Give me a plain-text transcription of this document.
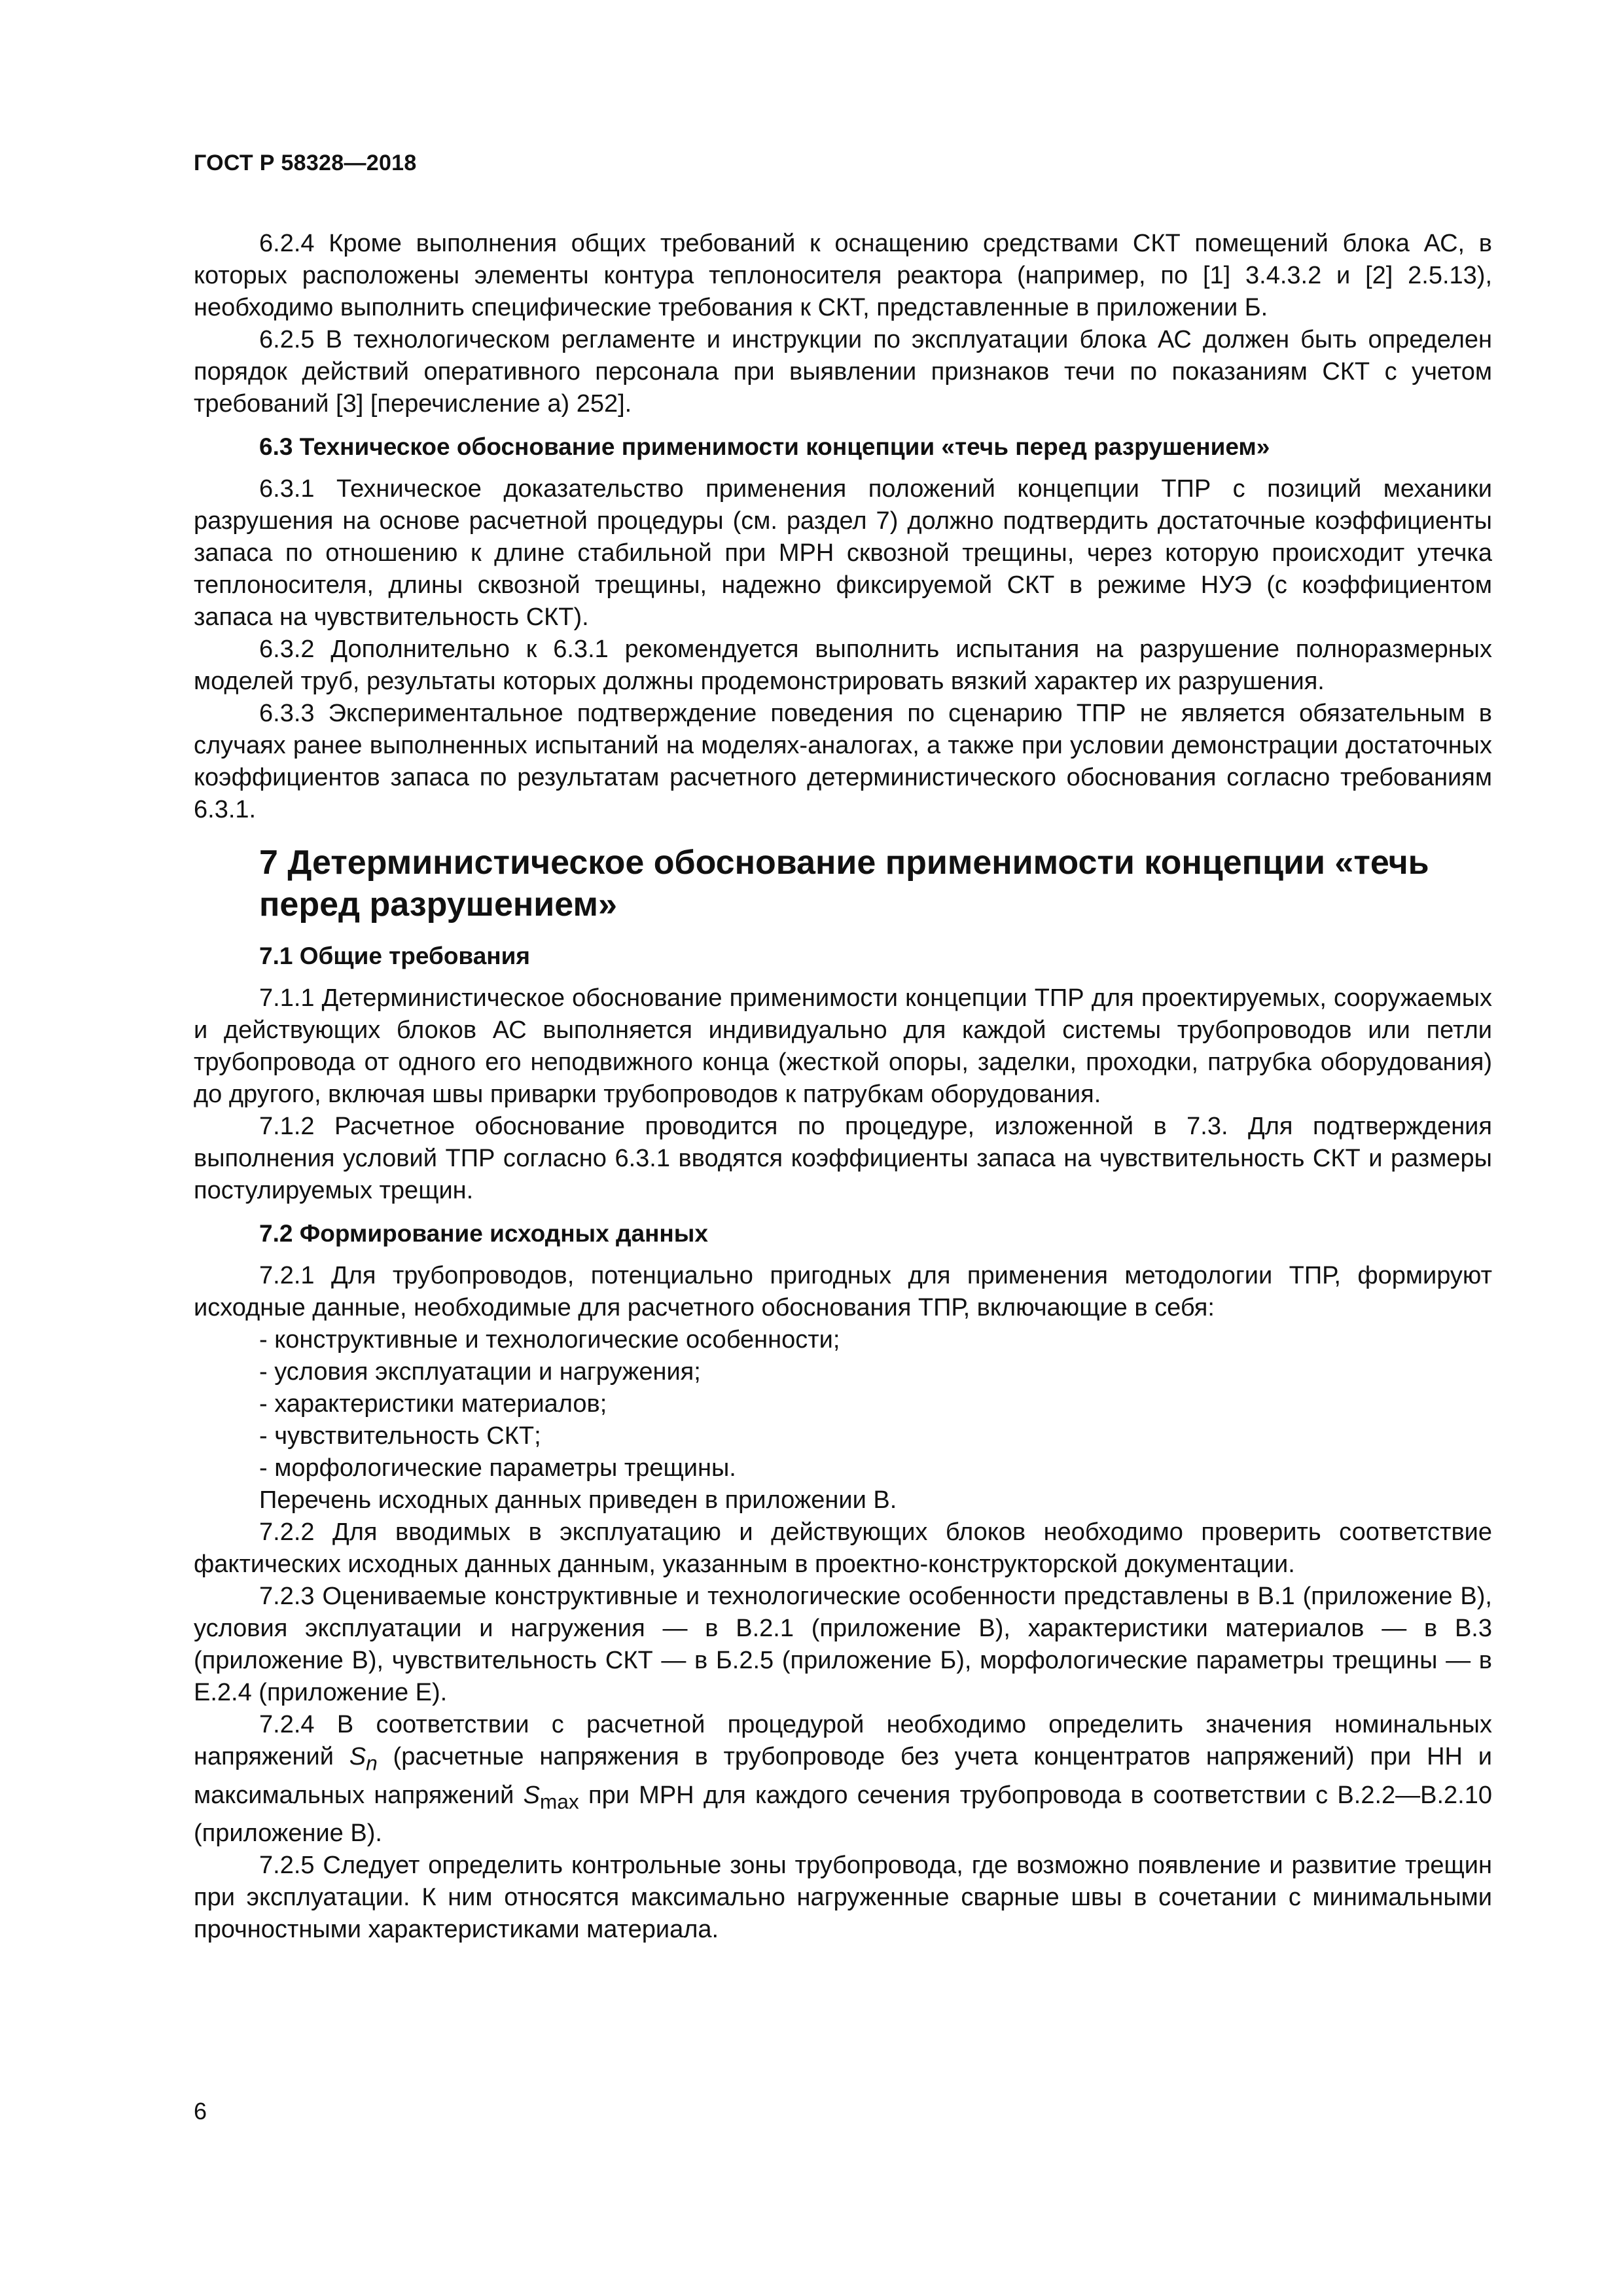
ГОСТ Р 58328—2018

6.2.4 Кроме выполнения общих требований к оснащению средствами СКТ помещений блока АС, в которых расположены элементы контура теплоносителя реактора (например, по [1] 3.4.3.2 и [2] 2.5.13), необходимо выполнить специфические требования к СКТ, представленные в приложении Б.

6.2.5 В технологическом регламенте и инструкции по эксплуатации блока АС должен быть определен порядок действий оперативного персонала при выявлении признаков течи по показаниям СКТ с учетом требований [3] [перечисление а) 252].

6.3 Техническое обоснование применимости концепции «течь перед разрушением»

6.3.1 Техническое доказательство применения положений концепции ТПР с позиций механики разрушения на основе расчетной процедуры (см. раздел 7) должно подтвердить достаточные коэффициенты запаса по отношению к длине стабильной при МРН сквозной трещины, через которую происходит утечка теплоносителя, длины сквозной трещины, надежно фиксируемой СКТ в режиме НУЭ (с коэффициентом запаса на чувствительность СКТ).

6.3.2 Дополнительно к 6.3.1 рекомендуется выполнить испытания на разрушение полноразмерных моделей труб, результаты которых должны продемонстрировать вязкий характер их разрушения.

6.3.3 Экспериментальное подтверждение поведения по сценарию ТПР не является обязательным в случаях ранее выполненных испытаний на моделях-аналогах, а также при условии демонстрации достаточных коэффициентов запаса по результатам расчетного детерминистического обоснования согласно требованиям 6.3.1.

7 Детерминистическое обоснование применимости концепции «течь перед разрушением»
7.1 Общие требования

7.1.1 Детерминистическое обоснование применимости концепции ТПР для проектируемых, сооружаемых и действующих блоков АС выполняется индивидуально для каждой системы трубопроводов или петли трубопровода от одного его неподвижного конца (жесткой опоры, заделки, проходки, патрубка оборудования) до другого, включая швы приварки трубопроводов к патрубкам оборудования.

7.1.2 Расчетное обоснование проводится по процедуре, изложенной в 7.3. Для подтверждения выполнения условий ТПР согласно 6.3.1 вводятся коэффициенты запаса на чувствительность СКТ и размеры постулируемых трещин.

7.2 Формирование исходных данных

7.2.1 Для трубопроводов, потенциально пригодных для применения методологии ТПР, формируют исходные данные, необходимые для расчетного обоснования ТПР, включающие в себя:

- конструктивные и технологические особенности;

- условия эксплуатации и нагружения;

- характеристики материалов;

- чувствительность СКТ;

- морфологические параметры трещины.

Перечень исходных данных приведен в приложении В.

7.2.2 Для вводимых в эксплуатацию и действующих блоков необходимо проверить соответствие фактических исходных данных данным, указанным в проектно-конструкторской документации.

7.2.3 Оцениваемые конструктивные и технологические особенности представлены в В.1 (приложение В), условия эксплуатации и нагружения — в В.2.1 (приложение В), характеристики материалов — в В.3 (приложение В), чувствительность СКТ — в Б.2.5 (приложение Б), морфологические параметры трещины — в Е.2.4 (приложение Е).

7.2.4 В соответствии с расчетной процедурой необходимо определить значения номинальных напряжений $S_n$ (расчетные напряжения в трубопроводе без учета концентратов напряжений) при НН и максимальных напряжений $S_{max}$ при МРН для каждого сечения трубопровода в соответствии с В.2.2—В.2.10 (приложение В).

7.2.5 Следует определить контрольные зоны трубопровода, где возможно появление и развитие трещин при эксплуатации. К ним относятся максимально нагруженные сварные швы в сочетании с минимальными прочностными характеристиками материала.

6
